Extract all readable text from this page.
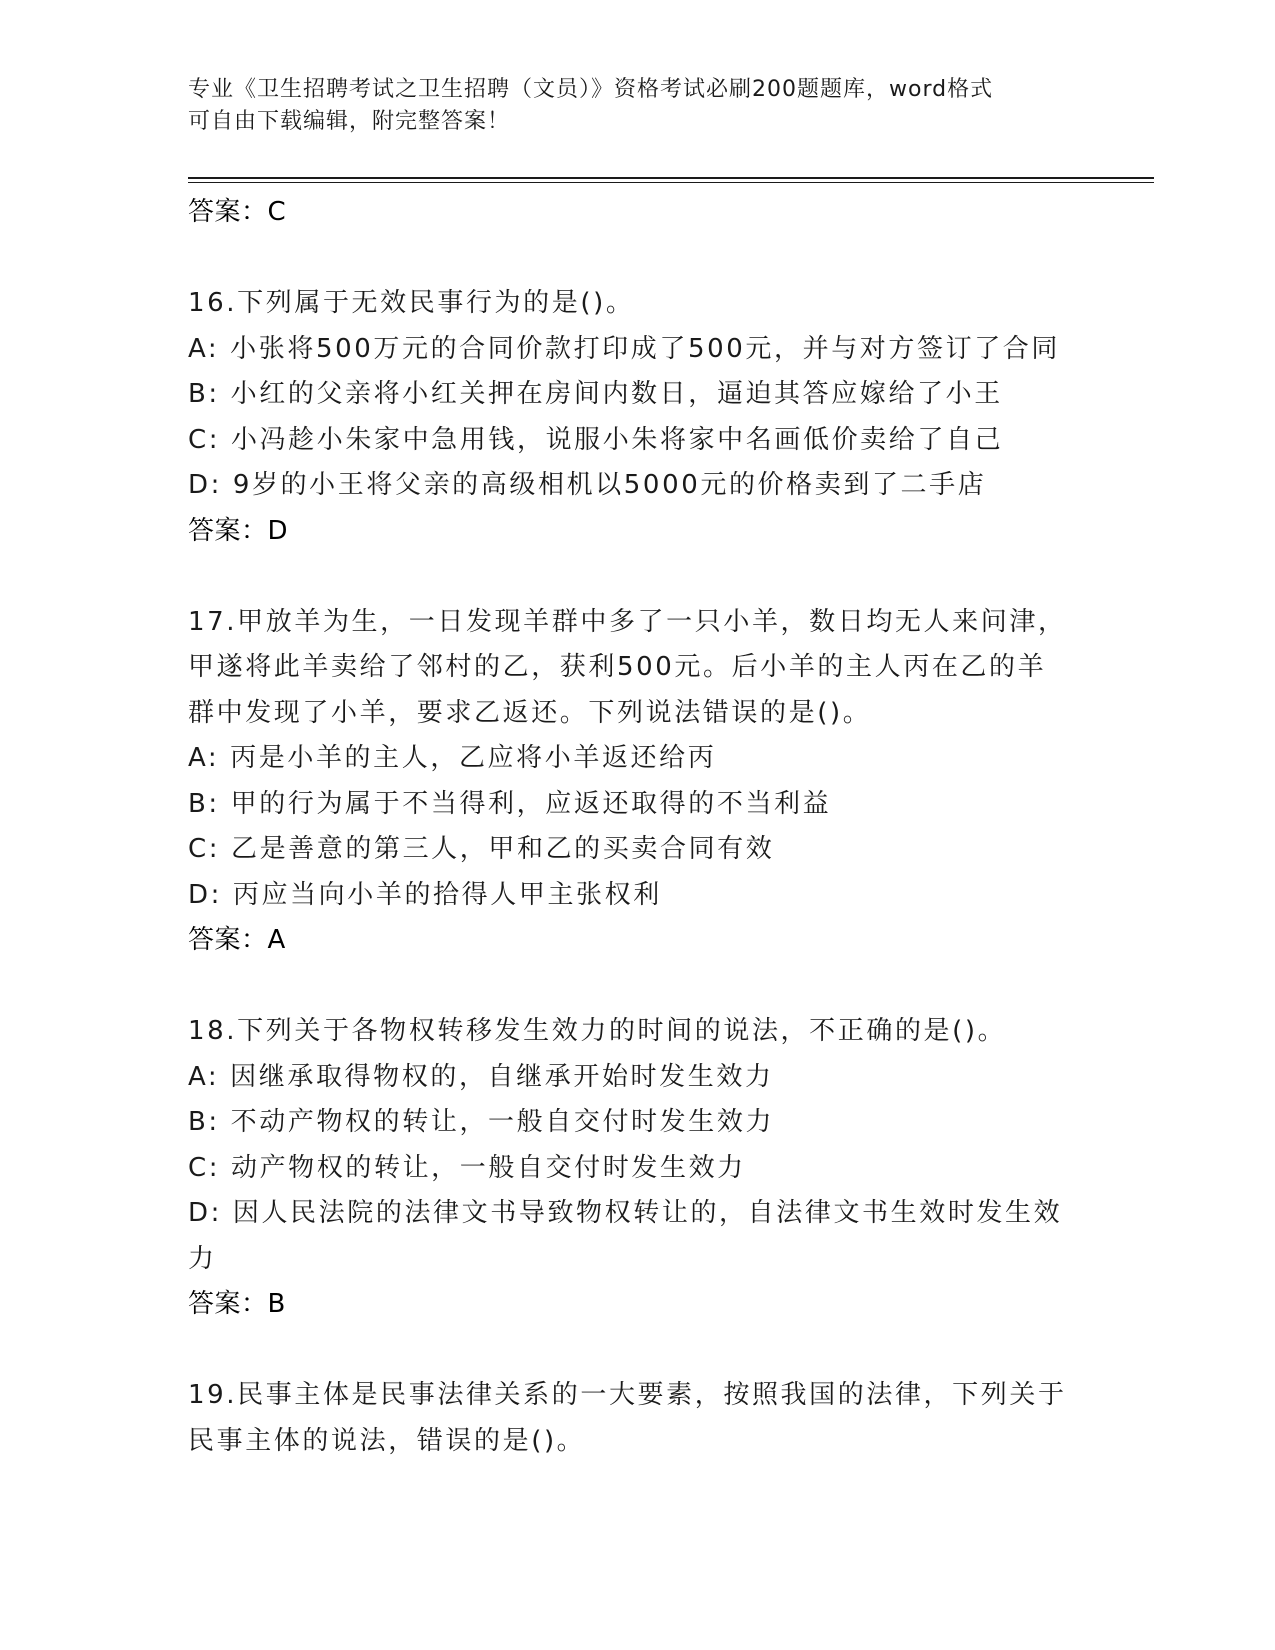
专业《卫生招聘考试之卫生招聘（文员）》资格考试必刷200题题库，word格式
可自由下载编辑，附完整答案！
答案：C
16.下列属于无效民事行为的是()。
A: 小张将500万元的合同价款打印成了500元，并与对方签订了合同
B: 小红的父亲将小红关押在房间内数日，逼迫其答应嫁给了小王
C: 小冯趁小朱家中急用钱，说服小朱将家中名画低价卖给了自己
D: 9岁的小王将父亲的高级相机以5000元的价格卖到了二手店
答案：D
17.甲放羊为生，一日发现羊群中多了一只小羊，数日均无人来问津，
甲遂将此羊卖给了邻村的乙，获利500元。后小羊的主人丙在乙的羊
群中发现了小羊，要求乙返还。下列说法错误的是()。
A: 丙是小羊的主人，乙应将小羊返还给丙
B: 甲的行为属于不当得利，应返还取得的不当利益
C: 乙是善意的第三人，甲和乙的买卖合同有效
D: 丙应当向小羊的拾得人甲主张权利
答案：A
18.下列关于各物权转移发生效力的时间的说法，不正确的是()。
A: 因继承取得物权的，自继承开始时发生效力
B: 不动产物权的转让，一般自交付时发生效力
C: 动产物权的转让，一般自交付时发生效力
D: 因人民法院的法律文书导致物权转让的，自法律文书生效时发生效
力
答案：B
19.民事主体是民事法律关系的一大要素，按照我国的法律，下列关于
民事主体的说法，错误的是()。
